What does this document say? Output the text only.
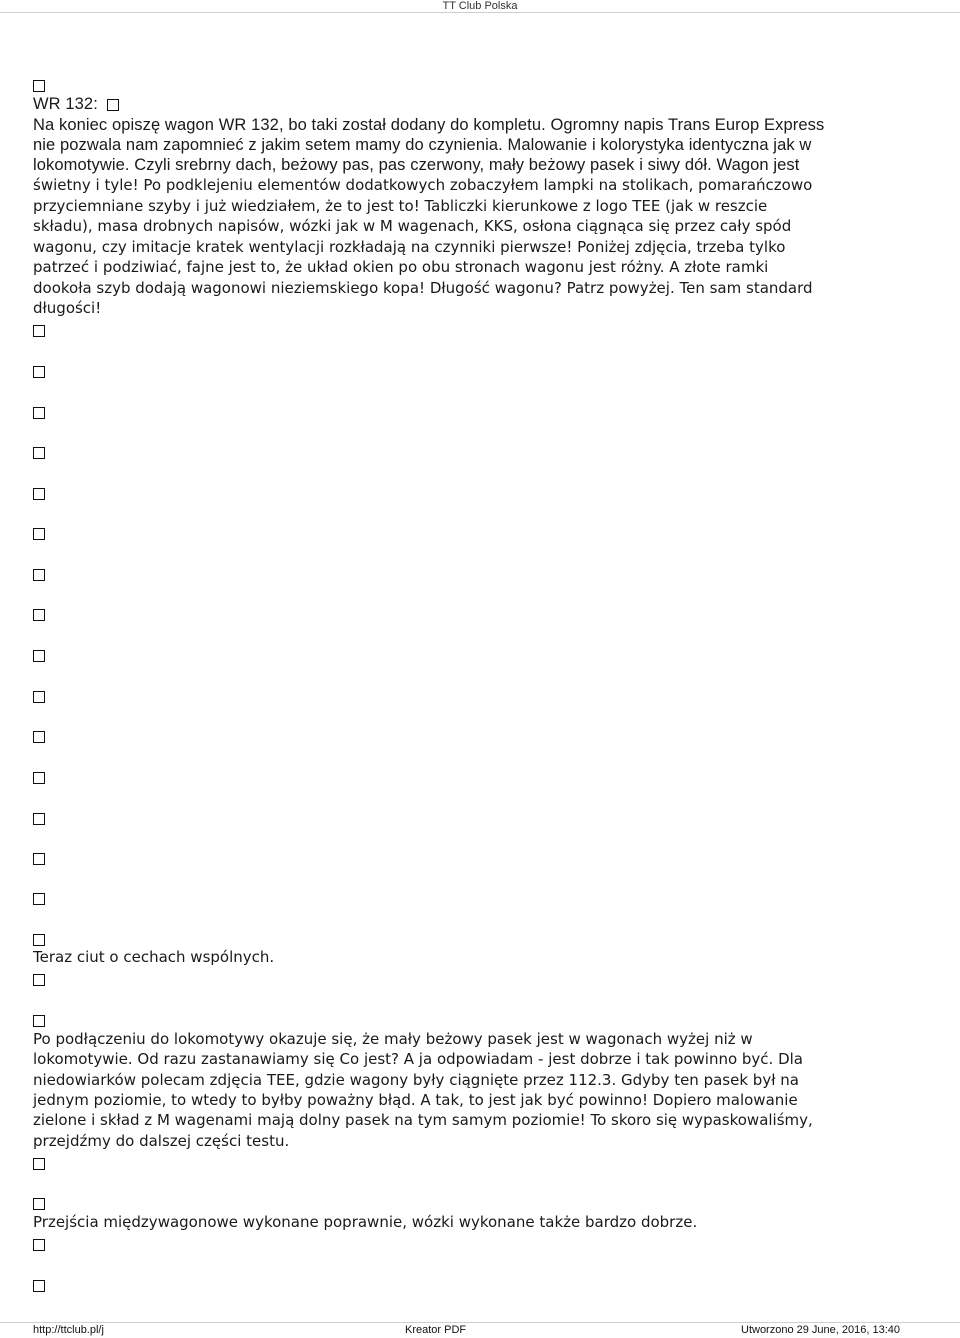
TT Club Polska
WR 132:
Na koniec opiszę wagon WR 132, bo taki został dodany do kompletu. Ogromny napis Trans Europ Express
nie pozwala nam zapomnieć z jakim setem mamy do czynienia. Malowanie i kolorystyka identyczna jak w
lokomotywie. Czyli srebrny dach, beżowy pas, pas czerwony, mały beżowy pasek i siwy dół. Wagon jest
świetny i tyle! Po podklejeniu elementów dodatkowych zobaczyłem lampki na stolikach, pomarańczowo
przyciemniane szyby i już wiedziałem, że to jest to! Tabliczki kierunkowe z logo TEE (jak w reszcie
składu), masa drobnych napisów, wózki jak w M wagenach, KKS, osłona ciągnąca się przez cały spód
wagonu, czy imitacje kratek wentylacji rozkładają na czynniki pierwsze! Poniżej zdjęcia, trzeba tylko
patrzeć i podziwiać, fajne jest to, że układ okien po obu stronach wagonu jest różny. A złote ramki
dookoła szyb dodają wagonowi nieziemskiego kopa! Długość wagonu? Patrz powyżej. Ten sam standard
długości!
Teraz ciut o cechach wspólnych.
Po podłączeniu do lokomotywy okazuje się, że mały beżowy pasek jest w wagonach wyżej niż w
lokomotywie. Od razu zastanawiamy się Co jest? A ja odpowiadam - jest dobrze i tak powinno być. Dla
niedowiarków polecam zdjęcia TEE, gdzie wagony były ciągnięte przez 112.3. Gdyby ten pasek był na
jednym poziomie, to wtedy to byłby poważny błąd. A tak, to jest jak być powinno! Dopiero malowanie
zielone i skład z M wagenami mają dolny pasek na tym samym poziomie! To skoro się wypaskowaliśmy,
przejdźmy do dalszej części testu.
Przejścia międzywagonowe wykonane poprawnie, wózki wykonane także bardzo dobrze.
http://ttclub.pl/j	Kreator PDF	Utworzono 29 June, 2016, 13:40
